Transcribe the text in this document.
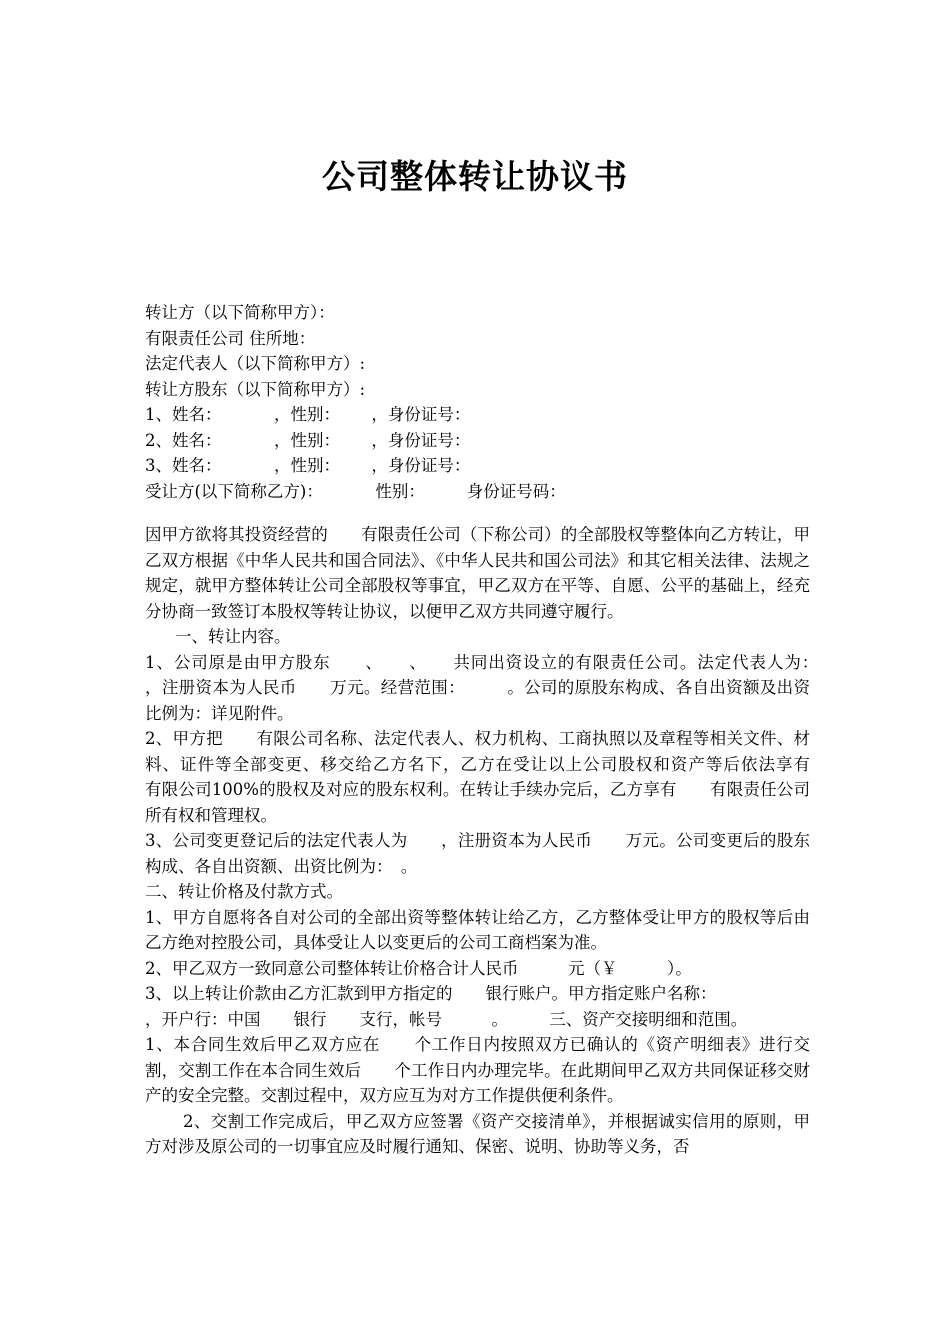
公司整体转让协议书
转让方（以下简称甲方）：
有限责任公司 住所地：
法定代表人（以下简称甲方）:
转让方股东（以下简称甲方）:
1、姓名：          ，性别：      ，身份证号：
2、姓名：          ，性别：      ，身份证号：
3、姓名：          ，性别：      ，身份证号：
受让方(以下简称乙方)：          性别：        身份证号码：
因甲方欲将其投资经营的　　有限责任公司（下称公司）的全部股权等整体向乙方转让，甲乙双方根据《中华人民共和国合同法》、《中华人民共和国公司法》和其它相关法律、法规之规定，就甲方整体转让公司全部股权等事宜，甲乙双方在平等、自愿、公平的基础上，经充分协商一致签订本股权等转让协议，以便甲乙双方共同遵守履行。
一、转让内容。
1、公司原是由甲方股东　　、　　、　　共同出资设立的有限责任公司。法定代表人为：　　，注册资本为人民币　　万元。经营范围：　　　。公司的原股东构成、各自出资额及出资比例为：详见附件。
2、甲方把　　有限公司名称、法定代表人、权力机构、工商执照以及章程等相关文件、材料、证件等全部变更、移交给乙方名下，乙方在受让以上公司股权和资产等后依法享有　　有限公司100%的股权及对应的股东权利。在转让手续办完后，乙方享有　　有限责任公司所有权和管理权。
3、公司变更登记后的法定代表人为　　，注册资本为人民币　　万元。公司变更后的股东构成、各自出资额、出资比例为：　。
二、转让价格及付款方式。
1、甲方自愿将各自对公司的全部出资等整体转让给乙方，乙方整体受让甲方的股权等后由乙方绝对控股公司，具体受让人以变更后的公司工商档案为准。
2、甲乙双方一致同意公司整体转让价格合计人民币　　　元（￥　　　）。
3、以上转让价款由乙方汇款到甲方指定的　　银行账户。甲方指定账户名称：
，开户行：中国　　银行　　支行，帐号　　　。　　　三、资产交接明细和范围。
1、本合同生效后甲乙双方应在　　个工作日内按照双方已确认的《资产明细表》进行交割，交割工作在本合同生效后　　个工作日内办理完毕。在此期间甲乙双方共同保证移交财产的安全完整。交割过程中，双方应互为对方工作提供便利条件。
2、交割工作完成后，甲乙双方应签署《资产交接清单》，并根据诚实信用的原则，甲方对涉及原公司的一切事宜应及时履行通知、保密、说明、协助等义务，否
